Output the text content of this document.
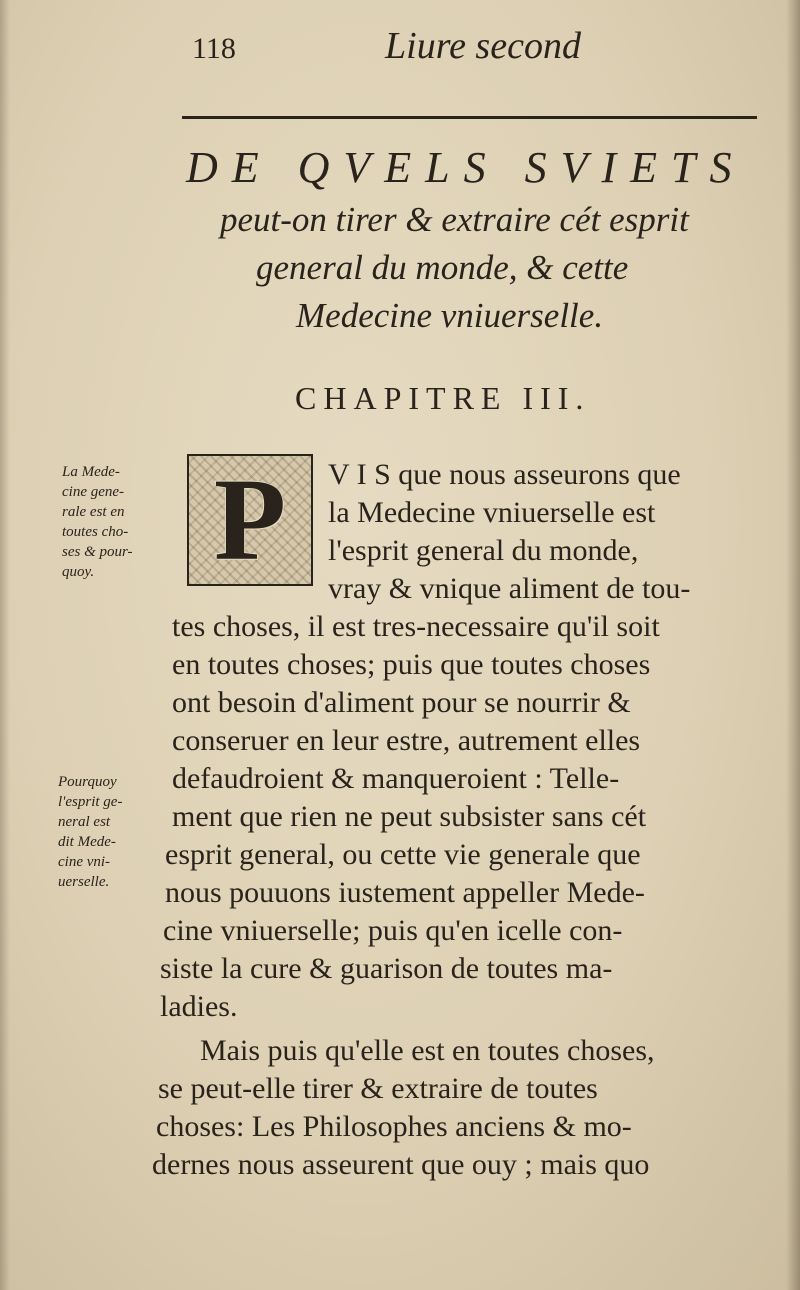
118	Liure second
DE QVELS SVIETS
peut-on tirer & extraire cét esprit
general du monde, & cette
Medecine vniuerselle.
CHAPITRE III.
P V I S que nous asseurons que
la Medecine vniuerselle est
l'esprit general du monde,
vray & vnique aliment de tou-
tes choses, il est tres-necessaire qu'il soit
en toutes choses; puis que toutes choses
ont besoin d'aliment pour se nourrir &
conseruer en leur estre, autrement elles
defaudroient & manqueroient : Telle-
ment que rien ne peut subsister sans cét
esprit general, ou cette vie generale que
nous pouuons iustement appeller Mede-
cine vniuerselle; puis qu'en icelle con-
siste la cure & guarison de toutes ma-
ladies.
Mais puis qu'elle est en toutes choses,
se peut-elle tirer & extraire de toutes
choses: Les Philosophes anciens & mo-
dernes nous asseurent que ouy ; mais quo
La Mede-
cine gene-
rale est en
toutes cho-
ses & pour-
quoy.
Pourquoy
l'esprit ge-
neral est
dit Mede-
cine vni-
uerselle.
